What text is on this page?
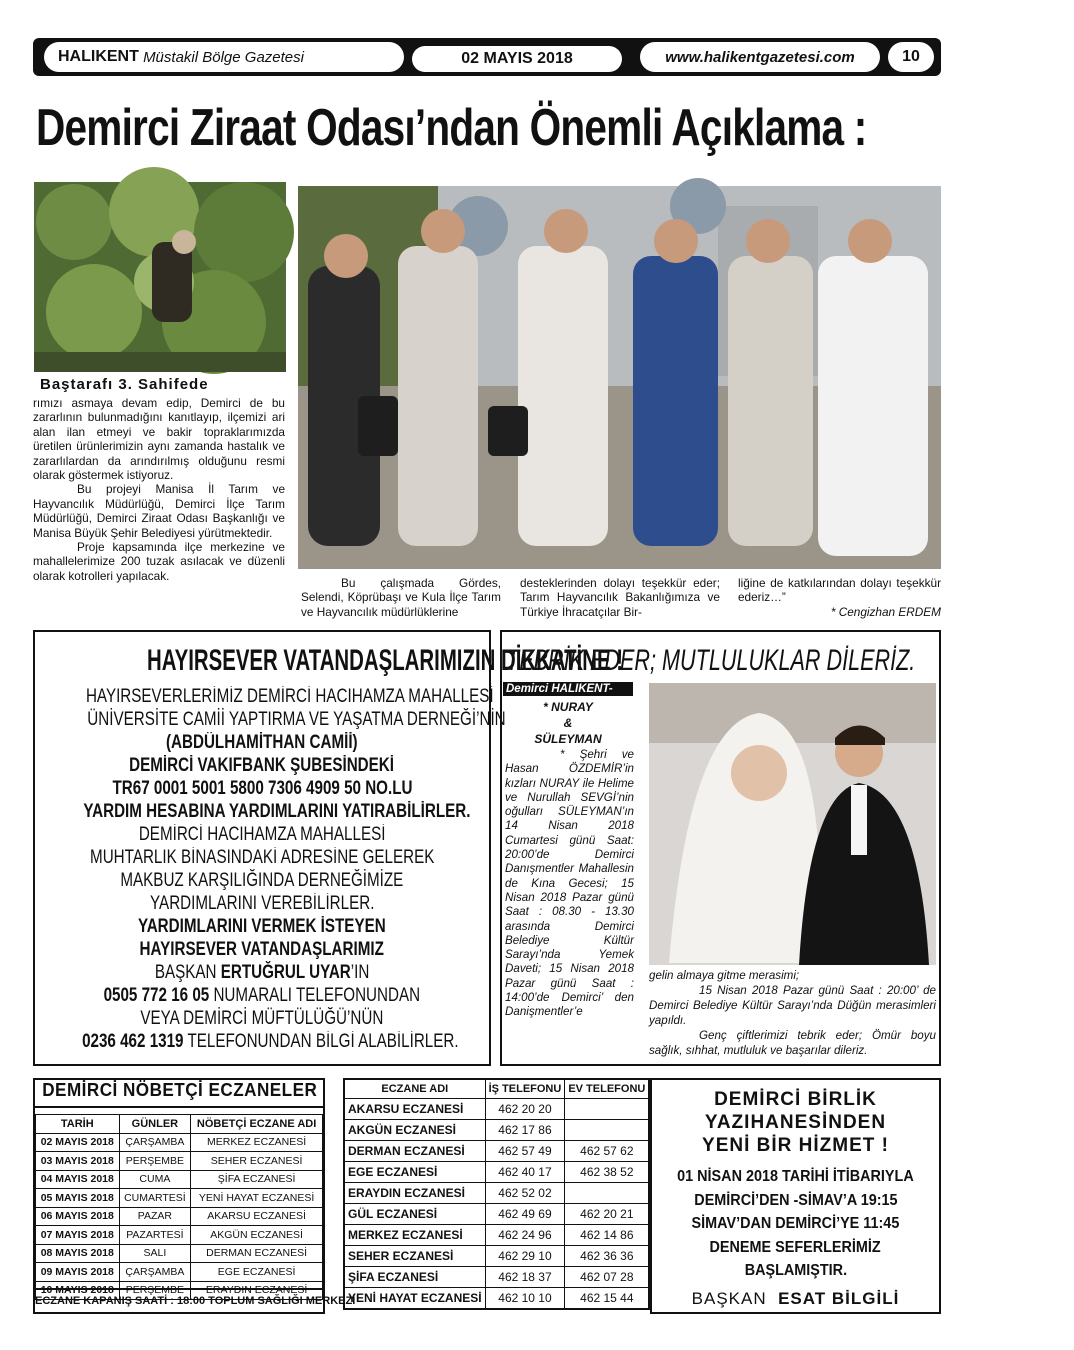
HALIKENT
Müstakil Bölge Gazetesi	02 MAYIS 2018	www.halikentgazetesi.com	10
Demirci Ziraat Odası’ndan Önemli Açıklama :
Baştarafı 3. Sahifede

rımızı asmaya devam edip, Demirci de bu zararlının bulunmadığını kanıtlayıp, ilçemizi ari alan ilan etmeyi ve bakir topraklarımızda üretilen ürünlerimizin aynı zamanda hastalık ve zararlılardan da arındırılmış olduğunu resmi olarak göstermek istiyoruz.

Bu projeyi Manisa İl Tarım ve Hayvancılık Müdürlüğü, Demirci İlçe Tarım Müdürlüğü, Demirci Ziraat Odası Başkanlığı ve Manisa Büyük Şehir Belediyesi yürütmektedir.

Proje kapsamında ilçe merkezine ve mahallelerimize 200 tuzak asılacak ve düzenli olarak kotrolleri yapılacak.

Bu çalışmada Gördes, Selendi, Köprübaşı ve Kula İlçe Tarım ve Hayvancılık müdürlüklerine

desteklerinden dolayı teşekkür eder; Tarım Hayvancılık Bakanlığımıza ve Türkiye İhracatçılar Bir-

liğine de katkılarından dolayı teşekkür ederiz…”

* Cengizhan ERDEM

HAYIRSEVER VATANDAŞLARIMIZIN DİKKATİNE !
HAYIRSEVERLERİMİZ DEMİRCİ HACIHAMZA MAHALLESİ
ÜNİVERSİTE CAMİİ YAPTIRMA VE YAŞATMA DERNEĞİ’NİN
(ABDÜLHAMİTHAN CAMİİ)
DEMİRCİ VAKIFBANK ŞUBESİNDEKİ
TR67 0001 5001 5800 7306 4909 50 NO.LU
YARDIM HESABINA YARDIMLARINI YATIRABİLİRLER.
DEMİRCİ HACIHAMZA MAHALLESİ
MUHTARLIK BİNASINDAKİ ADRESİNE GELEREK
MAKBUZ KARŞILIĞINDA DERNEĞİMİZE
YARDIMLARINI VEREBİLİRLER.
YARDIMLARINI VERMEK İSTEYEN
HAYIRSEVER VATANDAŞLARIMIZ
BAŞKAN ERTUĞRUL UYAR’IN
0505 772 16 05 NUMARALI TELEFONUNDAN
VEYA DEMİRCİ MÜFTÜLÜĞÜ’NÜN
0236 462 1319 TELEFONUNDAN BİLGİ ALABİLİRLER.
TEBRİK EDER; MUTLULUKLAR DİLERİZ.
Demirci HALIKENT-
* NURAY
&
SÜLEYMAN

* Şehri ve Hasan ÖZDEMİR’in kızları NURAY ile Helime ve Nurullah SEVGİ’nin oğulları SÜLEYMAN’ın 14 Nisan 2018 Cumartesi günü Saat: 20:00’de Demirci Danışmentler Mahallesin de Kına Gecesi; 15 Nisan 2018 Pazar günü Saat : 08.30 - 13.30 arasında Demirci Belediye Kültür Sarayı’nda Yemek Daveti; 15 Nisan 2018 Pazar günü Saat : 14:00’de Demirci’ den Danişmentler’e

gelin almaya gitme merasimi;

15 Nisan 2018 Pazar günü Saat : 20:00’ de Demirci Belediye Kültür Sarayı’nda Düğün merasimleri yapıldı.

Genç çiftlerimizi tebrik eder; Ömür boyu sağlık, sıhhat, mutluluk ve başarılar dileriz.

DEMİRCİ NÖBETÇİ ECZANELER
TARİH	GÜNLER	NÖBETÇİ ECZANE ADI
02 MAYIS 2018	ÇARŞAMBA	MERKEZ ECZANESİ
03 MAYIS 2018	PERŞEMBE	SEHER ECZANESİ
04 MAYIS 2018	CUMA	ŞİFA ECZANESİ
05 MAYIS 2018	CUMARTESİ	YENİ HAYAT ECZANESİ
06 MAYIS 2018	PAZAR	AKARSU ECZANESİ
07 MAYIS 2018	PAZARTESİ	AKGÜN ECZANESİ
08 MAYIS 2018	SALI	DERMAN ECZANESİ
09 MAYIS 2018	ÇARŞAMBA	EGE ECZANESİ
10 MAYIS 2018	PERŞEMBE	ERAYDIN ECZANESİ
ECZANE KAPANIŞ SAATİ : 18:00 TOPLUM SAĞLIĞI MERKEZİ
ECZANE ADI	İŞ TELEFONU	EV TELEFONU
AKARSU ECZANESİ	462 20 20	
AKGÜN ECZANESİ	462 17 86	
DERMAN ECZANESİ	462 57 49	462 57 62
EGE ECZANESİ	462 40 17	462 38 52
ERAYDIN ECZANESİ	462 52 02	
GÜL ECZANESİ	462 49 69	462 20 21
MERKEZ ECZANESİ	462 24 96	462 14 86
SEHER ECZANESİ	462 29 10	462 36 36
ŞİFA ECZANESİ	462 18 37	462 07 28
YENİ HAYAT ECZANESİ	462 10 10	462 15 44
DEMİRCİ BİRLİK
YAZIHANESİNDEN
YENİ BİR HİZMET !
01 NİSAN 2018 TARİHİ İTİBARIYLA
DEMİRCİ’DEN -SİMAV’A 19:15
SİMAV’DAN DEMİRCİ’YE 11:45
DENEME SEFERLERİMİZ
BAŞLAMIŞTIR.
BAŞKAN ESAT BİLGİLİ
